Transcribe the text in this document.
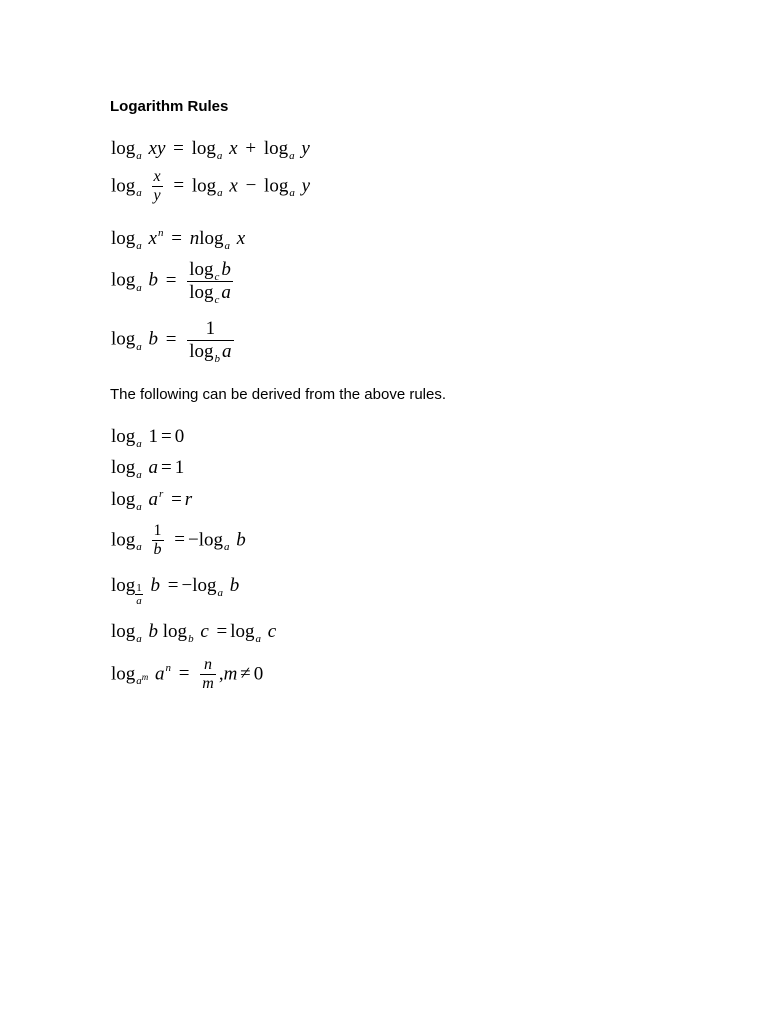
Logarithm Rules
$\log_a$ xy = $\log_a x + \log_a y$
$\log_a \frac{x}{y} = \log_a x - \log_a y$
$\log_a x^n = nlog_a$ x
$\log_a b = \frac{\log_c b}{\log_c a}$
$\log_a b = \frac{1}{\log_b a}$
The following can be derived from the above rules.
$\log_a 1 = 0$
$\log_a a = 1$
$\log_a a^r = r$
$\log_a \frac{1}{b} = -\log_a$ b
$\log \frac{1}{a}$ $b = -\log_a$ b
$\log_a b$ $\log_b c = \log_a c$
$\log_{a^m} a^n = \frac{n}{m} ,m \ne 0$
